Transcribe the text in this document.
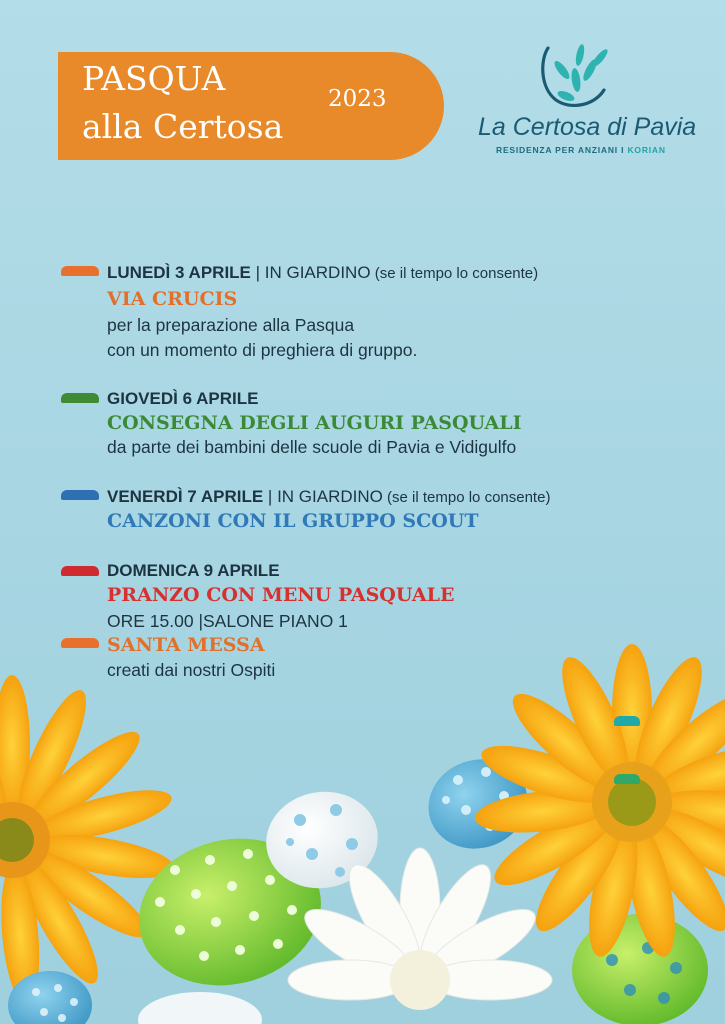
PASQUA
alla Certosa
2023
La Certosa di Pavia
RESIDENZA PER ANZIANI I KORIAN
LUNEDÌ 3 APRILE | IN GIARDINO (se il tempo lo consente)
VIA CRUCIS
per la preparazione alla Pasqua
con un momento di preghiera di gruppo.
GIOVEDÌ 6 APRILE
CONSEGNA DEGLI AUGURI PASQUALI
da parte dei bambini delle scuole di Pavia e Vidigulfo
VENERDÌ 7 APRILE | IN GIARDINO (se il tempo lo consente)
CANZONI CON IL GRUPPO SCOUT
DOMENICA 9 APRILE
PRANZO CON MENU PASQUALE
ORE 15.00 |SALONE PIANO 1
SANTA MESSA
creati dai nostri Ospiti
